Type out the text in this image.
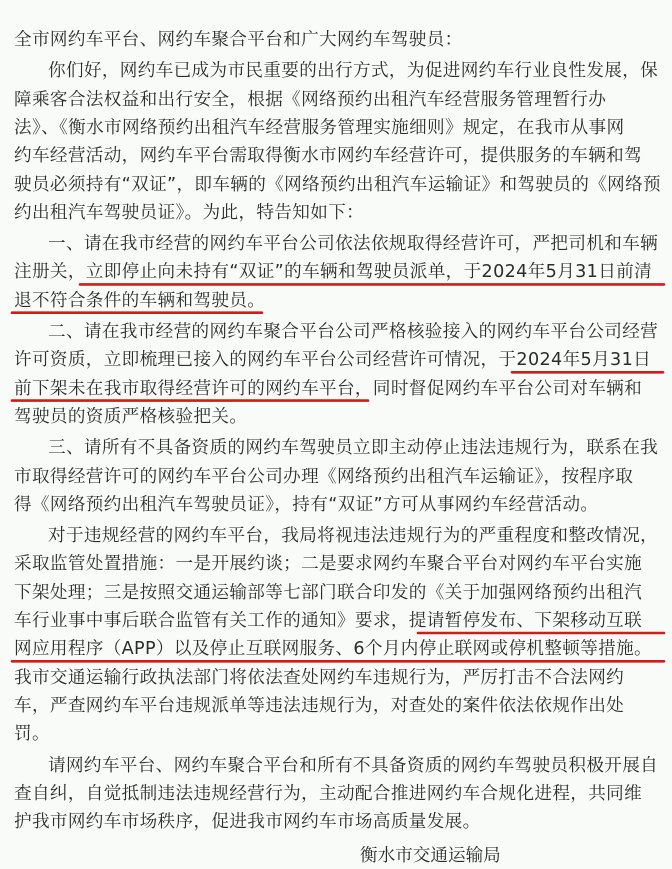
全市网约车平台、网约车聚合平台和广大网约车驾驶员：
你们好，网约车已成为市民重要的出行方式，为促进网约车行业良性发展，保
障乘客合法权益和出行安全，根据《网络预约出租汽车经营服务管理暂行办
法》、《衡水市网络预约出租汽车经营服务管理实施细则》规定，在我市从事网
约车经营活动，网约车平台需取得衡水市网约车经营许可，提供服务的车辆和驾
驶员必须持有“双证”，即车辆的《网络预约出租汽车运输证》和驾驶员的《网络预
约出租汽车驾驶员证》。为此，特告知如下：
一、请在我市经营的网约车平台公司依法依规取得经营许可，严把司机和车辆
注册关，立即停止向未持有“双证”的车辆和驾驶员派单，于2024年5月31日前清
退不符合条件的车辆和驾驶员。
二、请在我市经营的网约车聚合平台公司严格核验接入的网约车平台公司经营
许可资质，立即梳理已接入的网约车平台公司经营许可情况，于2024年5月31日
前下架未在我市取得经营许可的网约车平台，同时督促网约车平台公司对车辆和
驾驶员的资质严格核验把关。
三、请所有不具备资质的网约车驾驶员立即主动停止违法违规行为，联系在我
市取得经营许可的网约车平台公司办理《网络预约出租汽车运输证》，按程序取
得《网络预约出租汽车驾驶员证》，持有“双证”方可从事网约车经营活动。
对于违规经营的网约车平台，我局将视违法违规行为的严重程度和整改情况，
采取监管处置措施：一是开展约谈；二是要求网约车聚合平台对网约车平台实施
下架处理；三是按照交通运输部等七部门联合印发的《关于加强网络预约出租汽
车行业事中事后联合监管有关工作的通知》要求，提请暂停发布、下架移动互联
网应用程序（APP）以及停止互联网服务、6个月内停止联网或停机整顿等措施。
我市交通运输行政执法部门将依法查处网约车违规行为，严厉打击不合法网约
车，严查网约车平台违规派单等违法违规行为，对查处的案件依法依规作出处
罚。
请网约车平台、网约车聚合平台和所有不具备资质的网约车驾驶员积极开展自
查自纠，自觉抵制违法违规经营行为，主动配合推进网约车合规化进程，共同维
护我市网约车市场秩序，促进我市网约车市场高质量发展。
衡水市交通运输局
